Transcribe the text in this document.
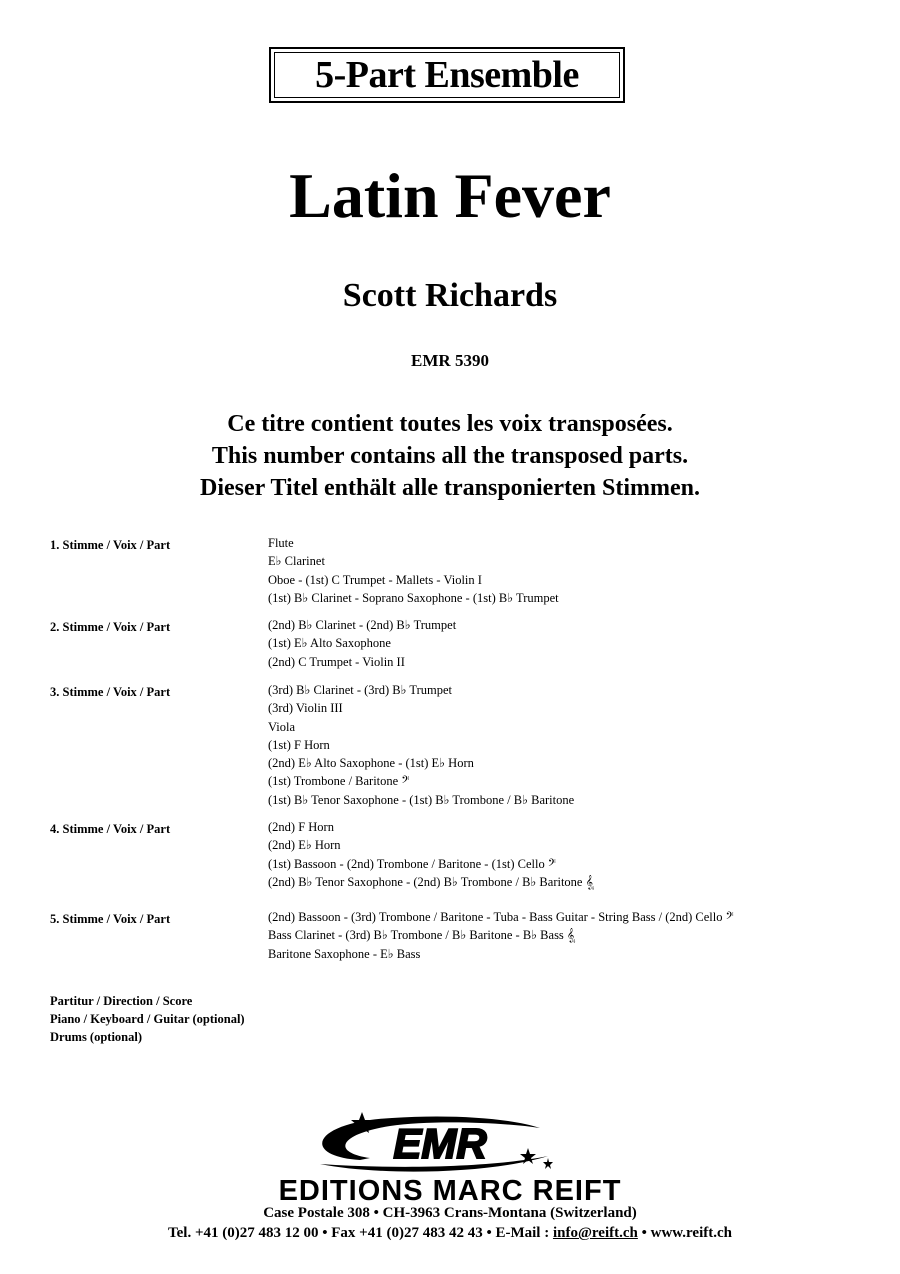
5-Part Ensemble
Latin Fever
Scott Richards
EMR 5390
Ce titre contient toutes les voix transposées.
This number contains all the transposed parts.
Dieser Titel enthält alle transponierten Stimmen.
1. Stimme / Voix / Part	Flute
E♭ Clarinet
Oboe - (1st) C Trumpet - Mallets - Violin I
(1st) B♭ Clarinet - Soprano Saxophone - (1st) B♭ Trumpet
2. Stimme / Voix / Part	(2nd) B♭ Clarinet - (2nd) B♭ Trumpet
(1st) E♭ Alto Saxophone
(2nd) C Trumpet - Violin II
3. Stimme / Voix / Part	(3rd) B♭ Clarinet - (3rd) B♭ Trumpet
(3rd) Violin III
Viola
(1st) F Horn
(2nd) E♭ Alto Saxophone - (1st) E♭ Horn
(1st) Trombone / Baritone 𝄢
(1st) B♭ Tenor Saxophone - (1st) B♭ Trombone / B♭ Baritone
4. Stimme / Voix / Part	(2nd) F Horn
(2nd) E♭ Horn
(1st) Bassoon - (2nd) Trombone / Baritone - (1st) Cello 𝄢
(2nd) B♭ Tenor Saxophone - (2nd) B♭ Trombone / B♭ Baritone 𝄠
5. Stimme / Voix / Part	(2nd) Bassoon - (3rd) Trombone / Baritone - Tuba - Bass Guitar - String Bass / (2nd) Cello 𝄢
Bass Clarinet - (3rd) B♭ Trombone / B♭ Baritone - B♭ Bass 𝄠
Baritone Saxophone - E♭ Bass
Partitur / Direction / Score
Piano / Keyboard / Guitar (optional)
Drums (optional)
EMR
EDITIONS MARC REIFT
Case Postale 308 • CH-3963 Crans-Montana (Switzerland)
Tel. +41 (0)27 483 12 00 • Fax +41 (0)27 483 42 43 • E-Mail : info@reift.ch • www.reift.ch
